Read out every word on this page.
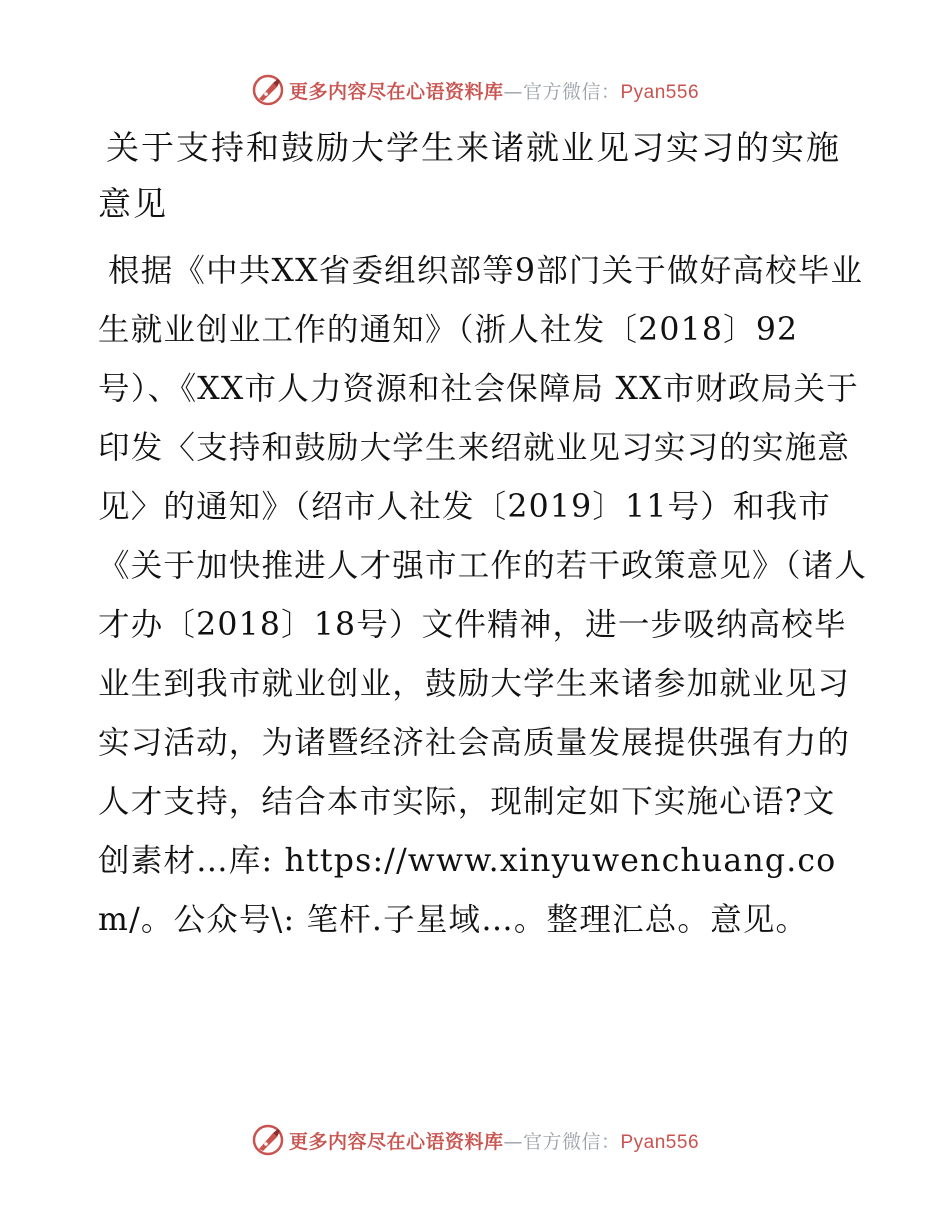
更多内容尽在心语资料库—官方微信：Pyan556
关于支持和鼓励大学生来诸就业见习实习的实施意见

根据《中共XX省委组织部等9部门关于做好高校毕业生就业创业工作的通知》（浙人社发〔2018〕92号）、《XX市人力资源和社会保障局 XX市财政局关于印发〈支持和鼓励大学生来绍就业见习实习的实施意见〉的通知》（绍市人社发〔2019〕11号）和我市《关于加快推进人才强市工作的若干政策意见》（诸人才办〔2018〕18号）文件精神，进一步吸纳高校毕业生到我市就业创业，鼓励大学生来诸参加就业见习实习活动，为诸暨经济社会高质量发展提供强有力的人才支持，结合本市实际，现制定如下实施心语?文创素材…库: https://www.xinyuwenchuang.com/。公众号\: 笔杆.子星域…。整理汇总。意见。

更多内容尽在心语资料库—官方微信：Pyan556
